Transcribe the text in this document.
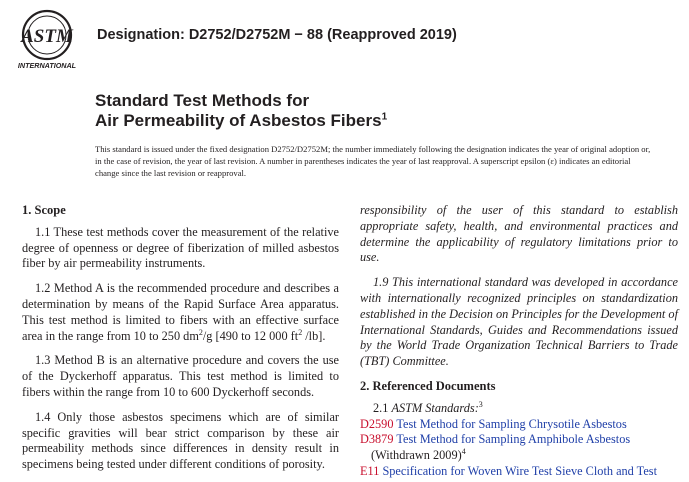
ASTM
INTERNATIONAL
Designation: D2752/D2752M − 88 (Reapproved 2019)
Standard Test Methods for
Air Permeability of Asbestos Fibers$^1$
This standard is issued under the fixed designation D2752/D2752M; the number immediately following the designation indicates the year of original adoption or, in the case of revision, the year of last revision. A number in parentheses indicates the year of last reapproval. A superscript epsilon (ε) indicates an editorial change since the last revision or reapproval.
1. Scope

1.1 These test methods cover the measurement of the relative degree of openness or degree of fiberization of milled asbestos fiber by air permeability instruments.

1.2 Method A is the recommended procedure and describes a determination by means of the Rapid Surface Area apparatus. This test method is limited to fibers with an effective surface area in the range from 10 to 250 $dm^2/g$ [490 to 12 000 $ft^2$ /lb].

1.3 Method B is an alternative procedure and covers the use of the Dyckerhoff apparatus. This test method is limited to fibers within the range from 10 to 600 Dyckerhoff seconds.

1.4 Only those asbestos specimens which are of similar specific gravities will bear strict comparison by these air permeability methods since differences in density result in specimens being tested under different conditions of porosity.

responsibility of the user of this standard to establish appropriate safety, health, and environmental practices and determine the applicability of regulatory limitations prior to use.

1.9 This international standard was developed in accordance with internationally recognized principles on standardization established in the Decision on Principles for the Development of International Standards, Guides and Recommendations issued by the World Trade Organization Technical Barriers to Trade (TBT) Committee.

2. Referenced Documents

2.1 ASTM Standards:$^3$

D2590 Test Method for Sampling Chrysotile Asbestos

D3879 Test Method for Sampling Amphibole Asbestos

(Withdrawn 2009)$^4$

E11 Specification for Woven Wire Test Sieve Cloth and Test
